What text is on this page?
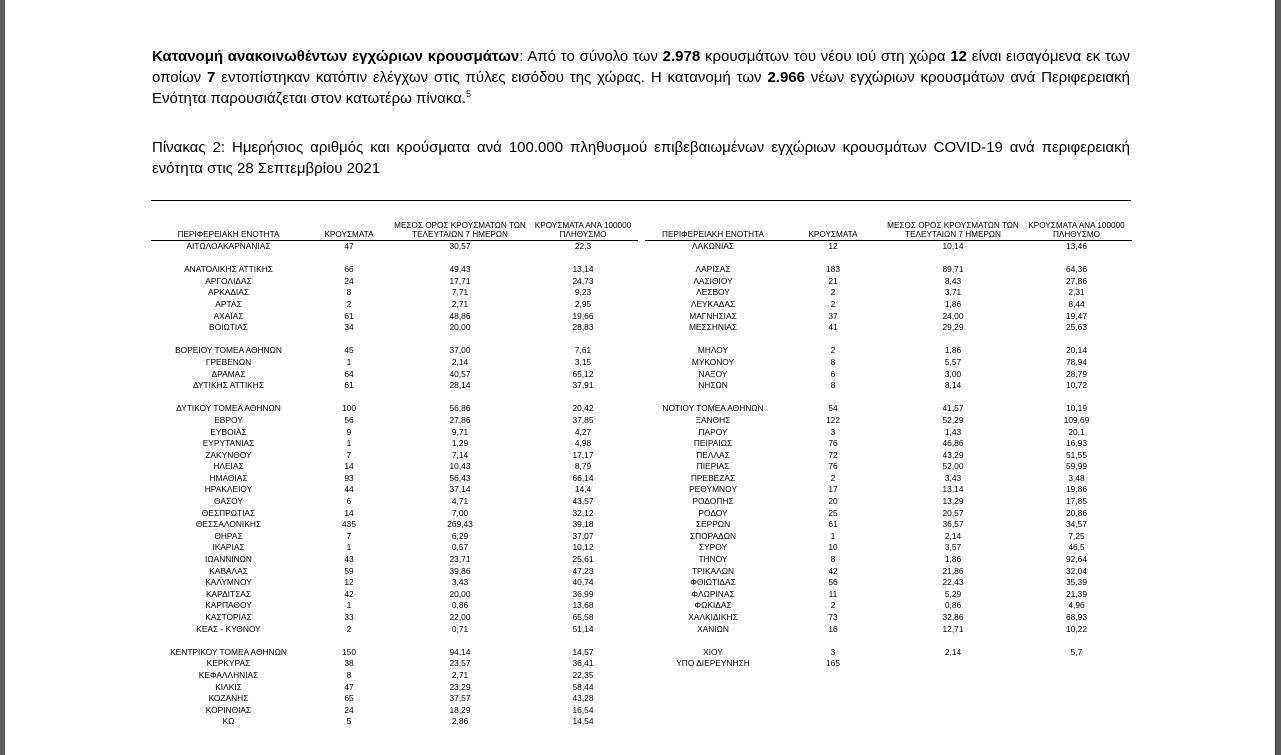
Κατανομή ανακοινωθέντων εγχώριων κρουσμάτων: Από το σύνολο των 2.978 κρουσμάτων του νέου ιού στη χώρα 12 είναι εισαγόμενα εκ των οποίων 7 εντοπίστηκαν κατόπιν ελέγχων στις πύλες εισόδου της χώρας. Η κατανομή των 2.966 νέων εγχώριων κρουσμάτων ανά Περιφερειακή Ενότητα παρουσιάζεται στον κατωτέρω πίνακα.$^5$
Πίνακας 2: Ημερήσιος αριθμός και κρούσματα ανά 100.000 πληθυσμού επιβεβαιωμένων εγχώριων κρουσμάτων COVID-19 ανά περιφερειακή ενότητα στις 28 Σεπτεμβρίου 2021
ΠΕΡΙΦΕΡΕΙΑΚΗ ΕΝΟΤΗΤΑ	ΚΡΟΥΣΜΑΤΑ	ΜΕΣΟΣ ΟΡΟΣ ΚΡΟΥΣΜΑΤΩΝ ΤΩΝ ΤΕΛΕΥΤΑΙΩΝ 7 ΗΜΕΡΩΝ	ΚΡΟΥΣΜΑΤΑ ΑΝΑ 100000 ΠΛΗΘΥΣΜΟ
ΑΙΤΩΛΟΑΚΑΡΝΑΝΙΑΣ	47	30,57	22,3

ΑΝΑΤΟΛΙΚΗΣ ΑΤΤΙΚΗΣ	66	49,43	13,14
ΑΡΓΟΛΙΔΑΣ	24	17,71	24,73
ΑΡΚΑΔΙΑΣ	8	7,71	9,23
ΑΡΤΑΣ	2	2,71	2,95
ΑΧΑΪΑΣ	61	48,86	19,66
ΒΟΙΩΤΙΑΣ	34	20,00	28,83

ΒΟΡΕΙΟΥ ΤΟΜΕΑ ΑΘΗΝΩΝ	45	37,00	7,61
ΓΡΕΒΕΝΩΝ	1	2,14	3,15
ΔΡΑΜΑΣ	64	40,57	65,12
ΔΥΤΙΚΗΣ ΑΤΤΙΚΗΣ	61	28,14	37,91

ΔΥΤΙΚΟΥ ΤΟΜΕΑ ΑΘΗΝΩΝ	100	56,86	20,42
ΕΒΡΟΥ	56	27,86	37,85
ΕΥΒΟΙΑΣ	9	9,71	4,27
ΕΥΡΥΤΑΝΙΑΣ	1	1,29	4,98
ΖΑΚΥΝΘΟΥ	7	7,14	17,17
ΗΛΕΙΑΣ	14	10,43	8,79
ΗΜΑΘΙΑΣ	93	56,43	66,14
ΗΡΑΚΛΕΙΟΥ	44	37,14	14,4
ΘΑΣΟΥ	6	4,71	43,57
ΘΕΣΠΡΩΤΙΑΣ	14	7,00	32,12
ΘΕΣΣΑΛΟΝΙΚΗΣ	435	269,43	39,18
ΘΗΡΑΣ	7	6,29	37,07
ΙΚΑΡΙΑΣ	1	0,57	10,12
ΙΩΑΝΝΙΝΩΝ	43	23,71	25,61
ΚΑΒΑΛΑΣ	59	39,86	47,23
ΚΑΛΥΜΝΟΥ	12	3,43	40,74
ΚΑΡΔΙΤΣΑΣ	42	20,00	36,99
ΚΑΡΠΑΘΟΥ	1	0,86	13,68
ΚΑΣΤΟΡΙΑΣ	33	22,00	65,58
ΚΕΑΣ - ΚΥΘΝΟΥ	2	0,71	51,14

ΚΕΝΤΡΙΚΟΥ ΤΟΜΕΑ ΑΘΗΝΩΝ	150	94,14	14,57
ΚΕΡΚΥΡΑΣ	38	23,57	36,41
ΚΕΦΑΛΛΗΝΙΑΣ	8	2,71	22,35
ΚΙΛΚΙΣ	47	23,29	58,44
ΚΟΖΑΝΗΣ	65	37,57	43,28
ΚΟΡΙΝΘΙΑΣ	24	18,29	16,54
ΚΩ	5	2,86	14,54
ΠΕΡΙΦΕΡΕΙΑΚΗ ΕΝΟΤΗΤΑ	ΚΡΟΥΣΜΑΤΑ	ΜΕΣΟΣ ΟΡΟΣ ΚΡΟΥΣΜΑΤΩΝ ΤΩΝ ΤΕΛΕΥΤΑΙΩΝ 7 ΗΜΕΡΩΝ	ΚΡΟΥΣΜΑΤΑ ΑΝΑ 100000 ΠΛΗΘΥΣΜΟ
ΛΑΚΩΝΙΑΣ	12	10,14	13,46

ΛΑΡΙΣΑΣ	183	89,71	64,36
ΛΑΣΙΘΙΟΥ	21	8,43	27,86
ΛΕΣΒΟΥ	2	3,71	2,31
ΛΕΥΚΑΔΑΣ	2	1,86	8,44
ΜΑΓΝΗΣΙΑΣ	37	24,00	19,47
ΜΕΣΣΗΝΙΑΣ	41	29,29	25,63

ΜΗΛΟΥ	2	1,86	20,14
ΜΥΚΟΝΟΥ	8	5,57	78,94
ΝΑΞΟΥ	6	3,00	28,79
ΝΗΣΩΝ	8	8,14	10,72

ΝΟΤΙΟΥ ΤΟΜΕΑ ΑΘΗΝΩΝ	54	41,57	10,19
ΞΑΝΘΗΣ	122	52,29	109,69
ΠΑΡΟΥ	3	1,43	20,1
ΠΕΙΡΑΙΩΣ	76	46,86	16,93
ΠΕΛΛΑΣ	72	43,29	51,55
ΠΙΕΡΙΑΣ	76	52,00	59,99
ΠΡΕΒΕΖΑΣ	2	3,43	3,48
ΡΕΘΥΜΝΟΥ	17	13,14	19,86
ΡΟΔΟΠΗΣ	20	13,29	17,85
ΡΟΔΟΥ	25	20,57	20,86
ΣΕΡΡΩΝ	61	36,57	34,57
ΣΠΟΡΑΔΩΝ	1	2,14	7,25
ΣΥΡΟΥ	10	3,57	46,5
ΤΗΝΟΥ	8	1,86	92,64
ΤΡΙΚΑΛΩΝ	42	21,86	32,04
ΦΘΙΩΤΙΔΑΣ	56	22,43	35,39
ΦΛΩΡΙΝΑΣ	11	5,29	21,39
ΦΩΚΙΔΑΣ	2	0,86	4,96
ΧΑΛΚΙΔΙΚΗΣ	73	32,86	68,93
ΧΑΝΙΩΝ	16	12,71	10,22

ΧΙΟΥ	3	2,14	5,7
ΥΠΟ ΔΙΕΡΕΥΝΗΣΗ	165		
